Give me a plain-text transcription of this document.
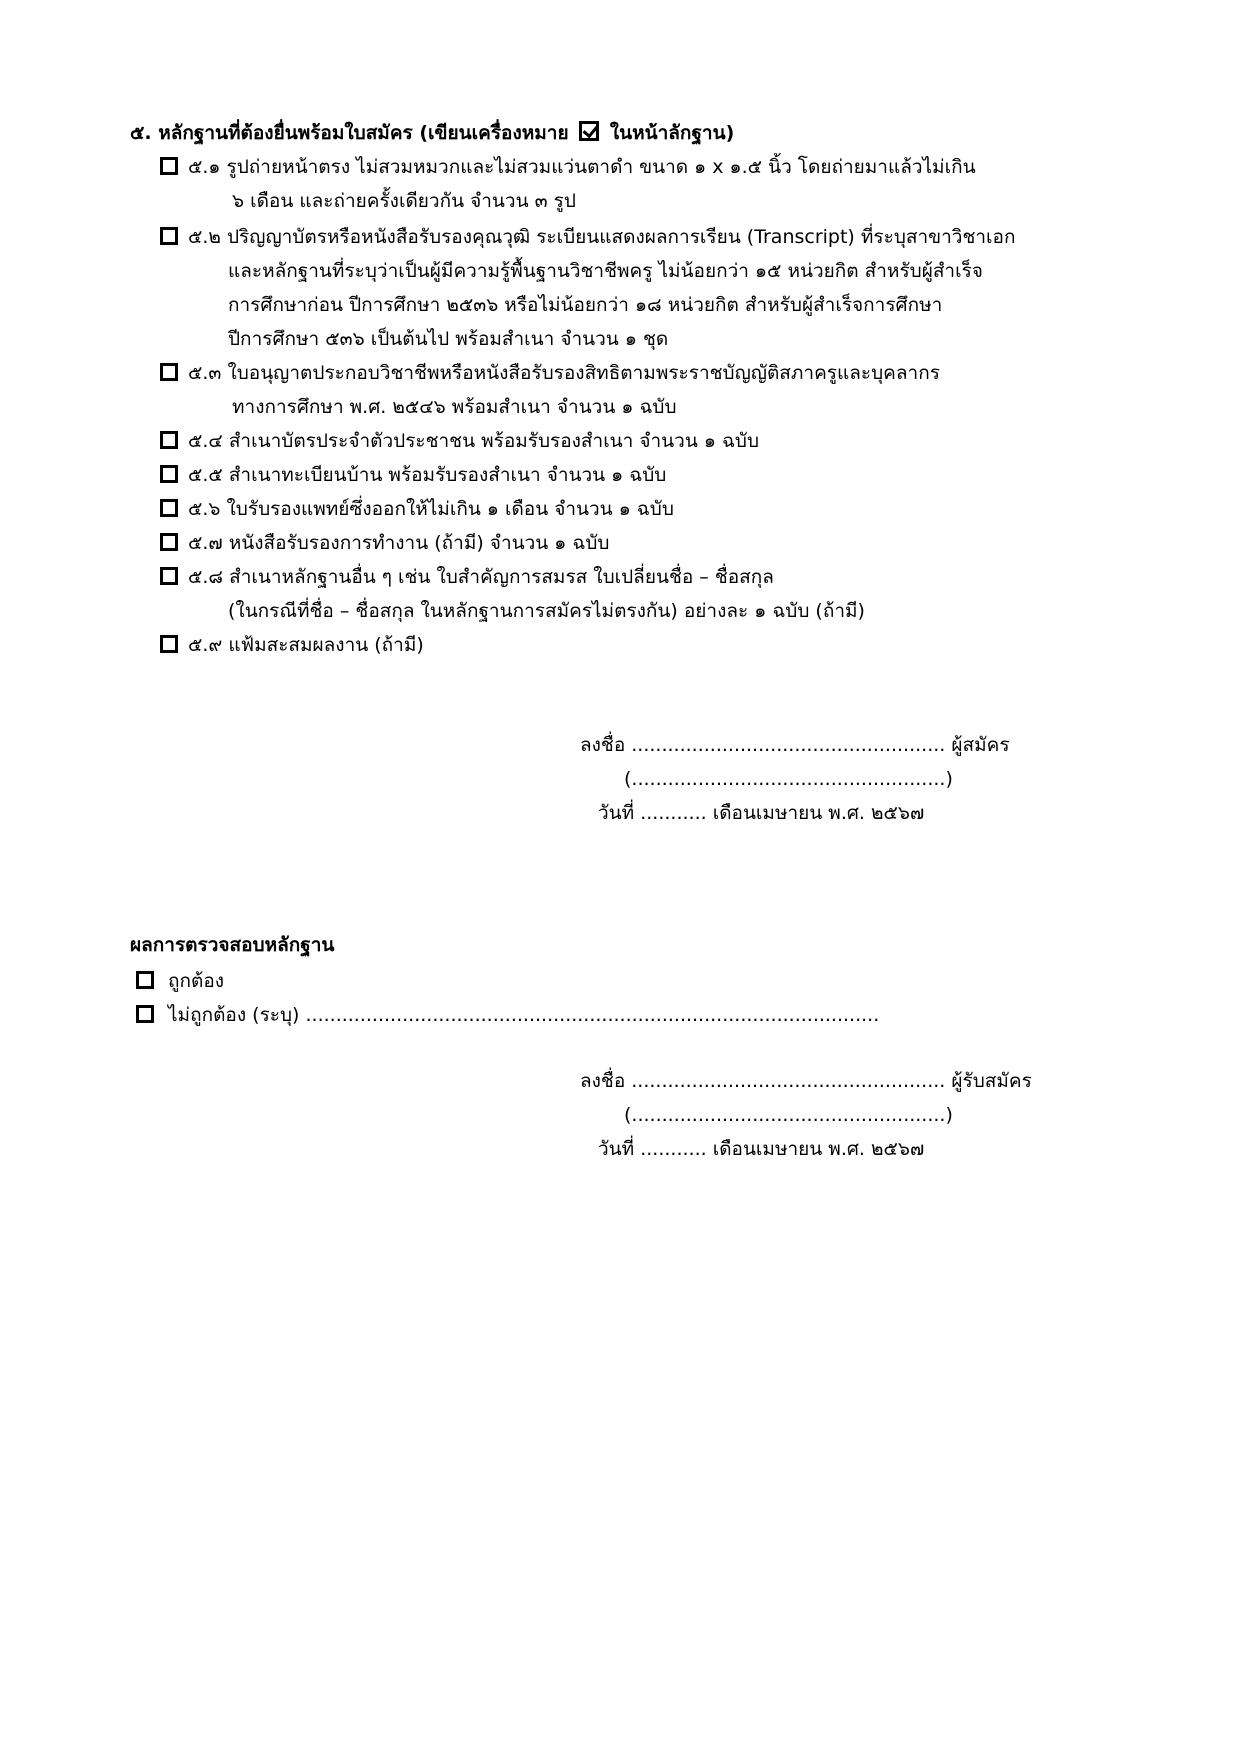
๕. หลักฐานที่ต้องยื่นพร้อมใบสมัคร (เขียนเครื่องหมาย ในหน้าลักฐาน)
๕.๑ รูปถ่ายหน้าตรง ไม่สวมหมวกและไม่สวมแว่นตาดำ ขนาด ๑ x ๑.๕ นิ้ว โดยถ่ายมาแล้วไม่เกิน
๖ เดือน และถ่ายครั้งเดียวกัน จำนวน ๓ รูป
๕.๒ ปริญญาบัตรหรือหนังสือรับรองคุณวุฒิ ระเบียนแสดงผลการเรียน (Transcript) ที่ระบุสาขาวิชาเอก
และหลักฐานที่ระบุว่าเป็นผู้มีความรู้พื้นฐานวิชาชีพครู ไม่น้อยกว่า ๑๕ หน่วยกิต สำหรับผู้สำเร็จ
การศึกษาก่อน ปีการศึกษา ๒๕๓๖ หรือไม่น้อยกว่า ๑๘ หน่วยกิต สำหรับผู้สำเร็จการศึกษา
ปีการศึกษา ๕๓๖ เป็นต้นไป พร้อมสำเนา จำนวน ๑ ชุด
๕.๓ ใบอนุญาตประกอบวิชาชีพหรือหนังสือรับรองสิทธิตามพระราชบัญญัติสภาครูและบุคลากร
ทางการศึกษา พ.ศ. ๒๕๔๖ พร้อมสำเนา จำนวน ๑ ฉบับ
๕.๔ สำเนาบัตรประจำตัวประชาชน พร้อมรับรองสำเนา จำนวน ๑ ฉบับ
๕.๕ สำเนาทะเบียนบ้าน พร้อมรับรองสำเนา จำนวน ๑ ฉบับ
๕.๖ ใบรับรองแพทย์ซึ่งออกให้ไม่เกิน ๑ เดือน จำนวน ๑ ฉบับ
๕.๗ หนังสือรับรองการทำงาน (ถ้ามี) จำนวน ๑ ฉบับ
๕.๘ สำเนาหลักฐานอื่น ๆ เช่น ใบสำคัญการสมรส ใบเปลี่ยนชื่อ – ชื่อสกุล
(ในกรณีที่ชื่อ – ชื่อสกุล ในหลักฐานการสมัครไม่ตรงกัน) อย่างละ ๑ ฉบับ (ถ้ามี)
๕.๙ แฟ้มสะสมผลงาน (ถ้ามี)
ลงชื่อ .................................................... ผู้สมัคร
(....................................................)
วันที่ ........... เดือนเมษายน พ.ศ. ๒๕๖๗
ผลการตรวจสอบหลักฐาน
ถูกต้อง
ไม่ถูกต้อง (ระบุ) ...............................................................................................
ลงชื่อ .................................................... ผู้รับสมัคร
(....................................................)
วันที่ ........... เดือนเมษายน พ.ศ. ๒๕๖๗
